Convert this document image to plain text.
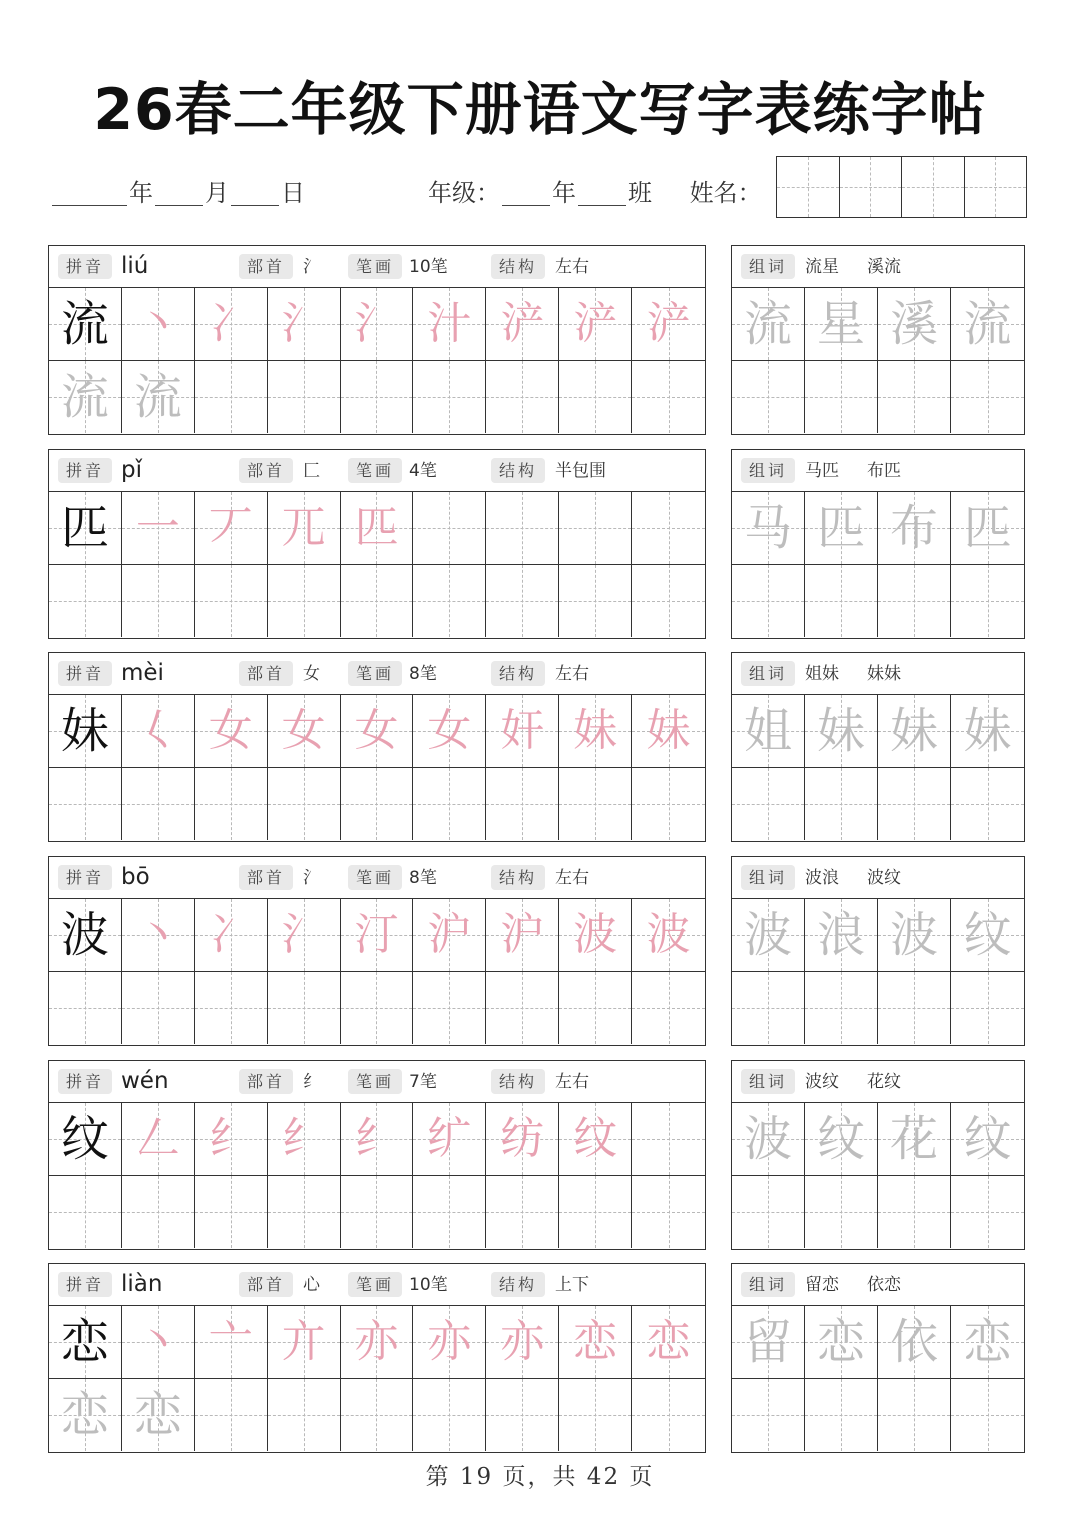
26春二年级下册语文写字表练字帖
年 月 日	年级： 年 班 姓名：
拼音 liú	部首	氵	笔画 10笔	结构	左右
流 丶 冫 氵 氵 汁 浐 浐 浐
流 流
组词	流星 溪流
流 星 溪 流
拼音 pǐ	部首	匚	笔画 4笔	结构	半包围
匹 一 丆 兀 匹
组词	马匹 布匹
马 匹 布 匹
拼音 mèi	部首	女	笔画 8笔	结构	左右
妹 𡿨 女 女 女 女 奸 妹 妹
组词	姐妹 妹妹
姐 妹 妹 妹
拼音 bō	部首	氵	笔画 8笔	结构	左右
波 丶 冫 氵 汀 沪 沪 波 波
组词	波浪 波纹
波 浪 波 纹
拼音 wén	部首	纟	笔画 7笔	结构	左右
纹 𠃋 纟 纟 纟 纩 纺 纹
组词	波纹 花纹
波 纹 花 纹
拼音 liàn	部首	心	笔画 10笔	结构	上下
恋 丶 亠 亣 亦 亦 亦 恋 恋
恋 恋
组词	留恋 依恋
留 恋 依 恋
第 19 页，共 42 页
